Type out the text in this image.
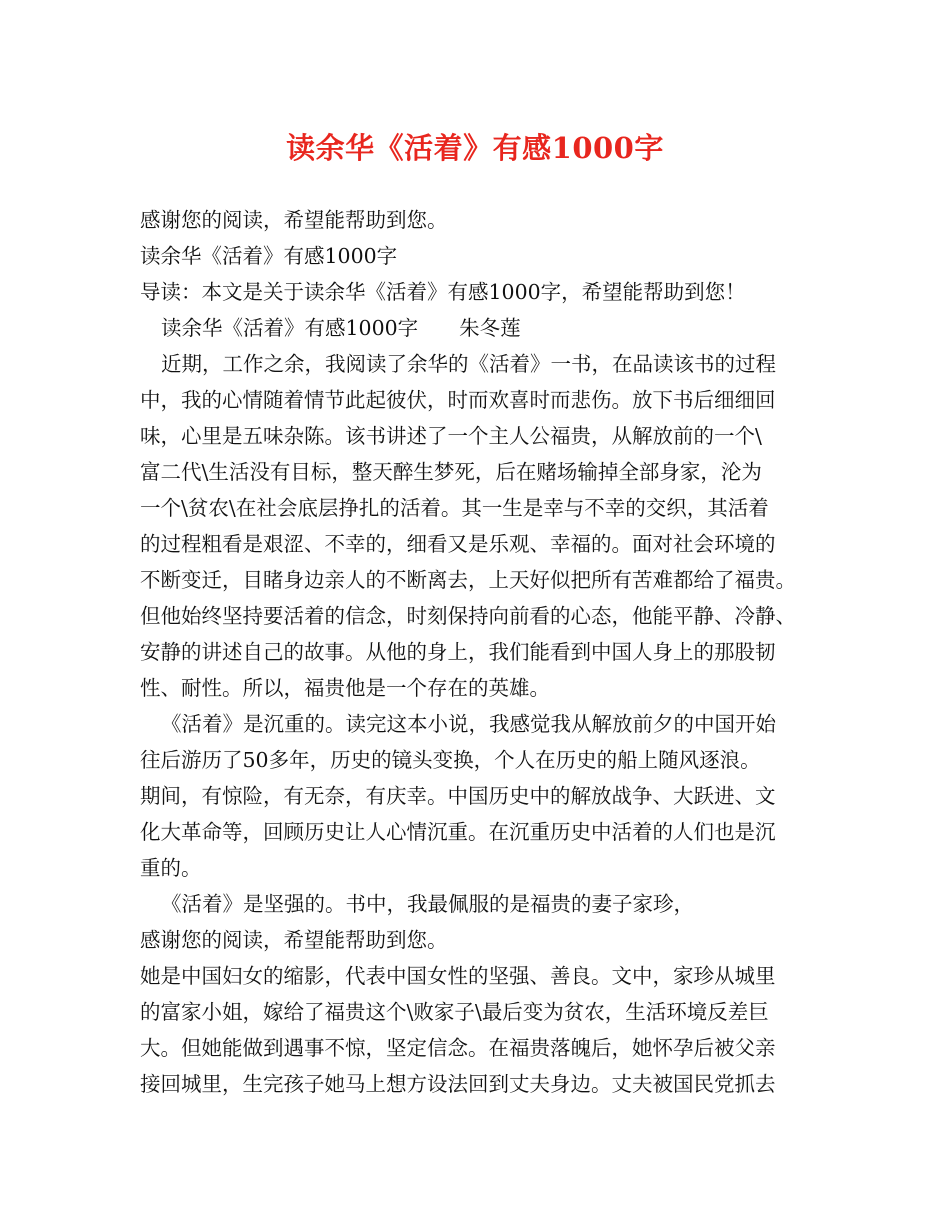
读余华《活着》有感1000字
感谢您的阅读，希望能帮助到您。
读余华《活着》有感1000字
导读：本文是关于读余华《活着》有感1000字，希望能帮助到您！
读余华《活着》有感1000字　　朱冬莲
近期，工作之余，我阅读了余华的《活着》一书，在品读该书的过程
中，我的心情随着情节此起彼伏，时而欢喜时而悲伤。放下书后细细回
味，心里是五味杂陈。该书讲述了一个主人公福贵，从解放前的一个\
富二代\生活没有目标，整天醉生梦死，后在赌场输掉全部身家，沦为
一个\贫农\在社会底层挣扎的活着。其一生是幸与不幸的交织，其活着
的过程粗看是艰涩、不幸的，细看又是乐观、幸福的。面对社会环境的
不断变迁，目睹身边亲人的不断离去，上天好似把所有苦难都给了福贵。
但他始终坚持要活着的信念，时刻保持向前看的心态，他能平静、冷静、
安静的讲述自己的故事。从他的身上，我们能看到中国人身上的那股韧
性、耐性。所以，福贵他是一个存在的英雄。
《活着》是沉重的。读完这本小说，我感觉我从解放前夕的中国开始
往后游历了50多年，历史的镜头变换，个人在历史的船上随风逐浪。
期间，有惊险，有无奈，有庆幸。中国历史中的解放战争、大跃进、文
化大革命等，回顾历史让人心情沉重。在沉重历史中活着的人们也是沉
重的。
《活着》是坚强的。书中，我最佩服的是福贵的妻子家珍，
感谢您的阅读，希望能帮助到您。
她是中国妇女的缩影，代表中国女性的坚强、善良。文中，家珍从城里
的富家小姐，嫁给了福贵这个\败家子\最后变为贫农，生活环境反差巨
大。但她能做到遇事不惊，坚定信念。在福贵落魄后，她怀孕后被父亲
接回城里，生完孩子她马上想方设法回到丈夫身边。丈夫被国民党抓去
